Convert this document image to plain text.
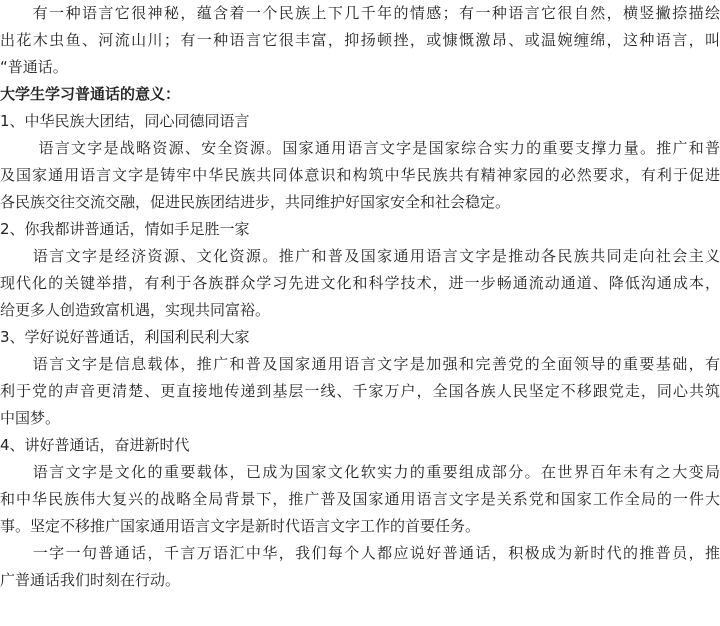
　　有一种语言它很神秘，蕴含着一个民族上下几千年的情感；有一种语言它很自然，横竖撇捺描绘
出花木虫鱼、河流山川；有一种语言它很丰富，抑扬顿挫，或慷慨激昂、或温婉缠绵，这种语言，叫
“普通话。
大学生学习普通话的意义：
1、中华民族大团结，同心同德同语言
　　 语言文字是战略资源、安全资源。国家通用语言文字是国家综合实力的重要支撑力量。推广和普
及国家通用语言文字是铸牢中华民族共同体意识和构筑中华民族共有精神家园的必然要求，有利于促进
各民族交往交流交融，促进民族团结进步，共同维护好国家安全和社会稳定。
2、你我都讲普通话，情如手足胜一家
　　语言文字是经济资源、文化资源。推广和普及国家通用语言文字是推动各民族共同走向社会主义
现代化的关键举措，有利于各族群众学习先进文化和科学技术，进一步畅通流动通道、降低沟通成本，
给更多人创造致富机遇，实现共同富裕。
3、学好说好普通话，利国利民利大家
　　语言文字是信息载体，推广和普及国家通用语言文字是加强和完善党的全面领导的重要基础，有
利于党的声音更清楚、更直接地传递到基层一线、千家万户，全国各族人民坚定不移跟党走，同心共筑
中国梦。
4、讲好普通话，奋进新时代
　　语言文字是文化的重要载体，已成为国家文化软实力的重要组成部分。在世界百年未有之大变局
和中华民族伟大复兴的战略全局背景下，推广普及国家通用语言文字是关系党和国家工作全局的一件大
事。坚定不移推广国家通用语言文字是新时代语言文字工作的首要任务。
　　一字一句普通话，千言万语汇中华，我们每个人都应说好普通话，积极成为新时代的推普员，推
广普通话我们时刻在行动。
